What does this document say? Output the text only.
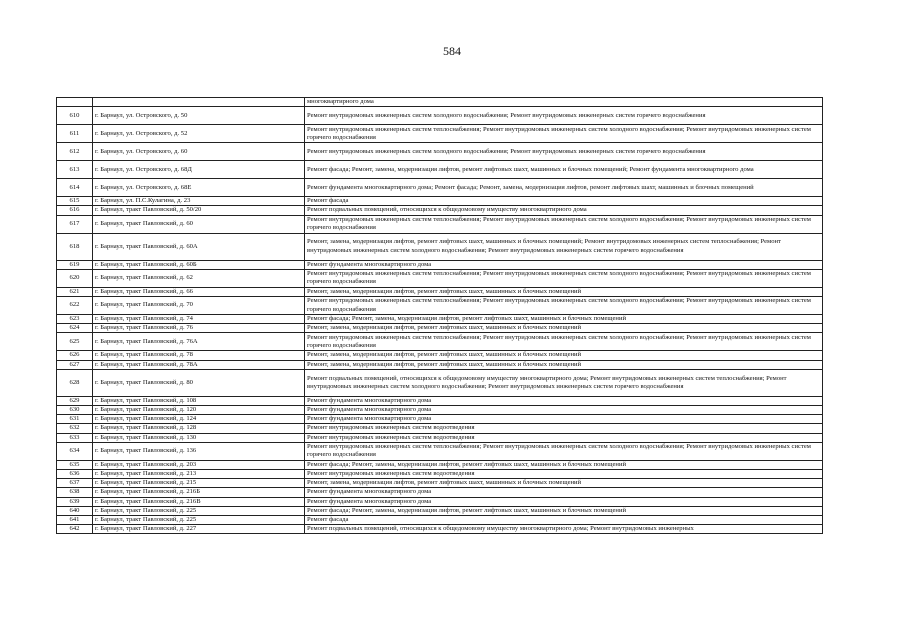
584
		многоквартирного дома
610	г. Барнаул, ул. Островского, д. 50	Ремонт внутридомовых инженерных систем холодного водоснабжения; Ремонт внутридомовых инженерных систем горячего водоснабжения
611	г. Барнаул, ул. Островского, д. 52	Ремонт внутридомовых инженерных систем теплоснабжения; Ремонт внутридомовых инженерных систем холодного водоснабжения; Ремонт внутридомовых инженерных систем горячего водоснабжения
612	г. Барнаул, ул. Островского, д. 60	Ремонт внутридомовых инженерных систем холодного водоснабжения; Ремонт внутридомовых инженерных систем горячего водоснабжения
613	г. Барнаул, ул. Островского, д. 68Д	Ремонт фасада; Ремонт, замена, модернизация лифтов, ремонт лифтовых шахт, машинных и блочных помещений; Ремонт фундамента многоквартирного дома
614	г. Барнаул, ул. Островского, д. 68Е	Ремонт фундамента многоквартирного дома; Ремонт фасада; Ремонт, замена, модернизация лифтов, ремонт лифтовых шахт, машинных и блочных помещений
615	г. Барнаул, ул. П.С.Кулагина, д. 23	Ремонт фасада
616	г. Барнаул, тракт Павловский, д. 50/20	Ремонт подвальных помещений, относящихся к общедомовому имуществу многоквартирного дома
617	г. Барнаул, тракт Павловский, д. 60	Ремонт внутридомовых инженерных систем теплоснабжения; Ремонт внутридомовых инженерных систем холодного водоснабжения; Ремонт внутридомовых инженерных систем горячего водоснабжения
618	г. Барнаул, тракт Павловский, д. 60А	Ремонт, замена, модернизация лифтов, ремонт лифтовых шахт, машинных и блочных помещений; Ремонт внутридомовых инженерных систем теплоснабжения; Ремонт внутридомовых инженерных систем холодного водоснабжения; Ремонт внутридомовых инженерных систем горячего водоснабжения
619	г. Барнаул, тракт Павловский, д. 60Б	Ремонт фундамента многоквартирного дома
620	г. Барнаул, тракт Павловский, д. 62	Ремонт внутридомовых инженерных систем теплоснабжения; Ремонт внутридомовых инженерных систем холодного водоснабжения; Ремонт внутридомовых инженерных систем горячего водоснабжения
621	г. Барнаул, тракт Павловский, д. 66	Ремонт, замена, модернизация лифтов, ремонт лифтовых шахт, машинных и блочных помещений
622	г. Барнаул, тракт Павловский, д. 70	Ремонт внутридомовых инженерных систем теплоснабжения; Ремонт внутридомовых инженерных систем холодного водоснабжения; Ремонт внутридомовых инженерных систем горячего водоснабжения
623	г. Барнаул, тракт Павловский, д. 74	Ремонт фасада; Ремонт, замена, модернизация лифтов, ремонт лифтовых шахт, машинных и блочных помещений
624	г. Барнаул, тракт Павловский, д. 76	Ремонт, замена, модернизация лифтов, ремонт лифтовых шахт, машинных и блочных помещений
625	г. Барнаул, тракт Павловский, д. 76А	Ремонт внутридомовых инженерных систем теплоснабжения; Ремонт внутридомовых инженерных систем холодного водоснабжения; Ремонт внутридомовых инженерных систем горячего водоснабжения
626	г. Барнаул, тракт Павловский, д. 78	Ремонт, замена, модернизация лифтов, ремонт лифтовых шахт, машинных и блочных помещений
627	г. Барнаул, тракт Павловский, д. 78А	Ремонт, замена, модернизация лифтов, ремонт лифтовых шахт, машинных и блочных помещений
628	г. Барнаул, тракт Павловский, д. 80	Ремонт подвальных помещений, относящихся к общедомовому имуществу многоквартирного дома; Ремонт внутридомовых инженерных систем теплоснабжения; Ремонт внутридомовых инженерных систем холодного водоснабжения; Ремонт внутридомовых инженерных систем горячего водоснабжения
629	г. Барнаул, тракт Павловский, д. 108	Ремонт фундамента многоквартирного дома
630	г. Барнаул, тракт Павловский, д. 120	Ремонт фундамента многоквартирного дома
631	г. Барнаул, тракт Павловский, д. 124	Ремонт фундамента многоквартирного дома
632	г. Барнаул, тракт Павловский, д. 128	Ремонт внутридомовых инженерных систем водоотведения
633	г. Барнаул, тракт Павловский, д. 130	Ремонт внутридомовых инженерных систем водоотведения
634	г. Барнаул, тракт Павловский, д. 136	Ремонт внутридомовых инженерных систем теплоснабжения; Ремонт внутридомовых инженерных систем холодного водоснабжения; Ремонт внутридомовых инженерных систем горячего водоснабжения
635	г. Барнаул, тракт Павловский, д. 203	Ремонт фасада; Ремонт, замена, модернизация лифтов, ремонт лифтовых шахт, машинных и блочных помещений
636	г. Барнаул, тракт Павловский, д. 213	Ремонт внутридомовых инженерных систем водоотведения
637	г. Барнаул, тракт Павловский, д. 215	Ремонт, замена, модернизация лифтов, ремонт лифтовых шахт, машинных и блочных помещений
638	г. Барнаул, тракт Павловский, д. 216Б	Ремонт фундамента многоквартирного дома
639	г. Барнаул, тракт Павловский, д. 216В	Ремонт фундамента многоквартирного дома
640	г. Барнаул, тракт Павловский, д. 225	Ремонт фасада; Ремонт, замена, модернизация лифтов, ремонт лифтовых шахт, машинных и блочных помещений
641	г. Барнаул, тракт Павловский, д. 225	Ремонт фасада
642	г. Барнаул, тракт Павловский, д. 227	Ремонт подвальных помещений, относящихся к общедомовому имуществу многоквартирного дома; Ремонт внутридомовых инженерных
